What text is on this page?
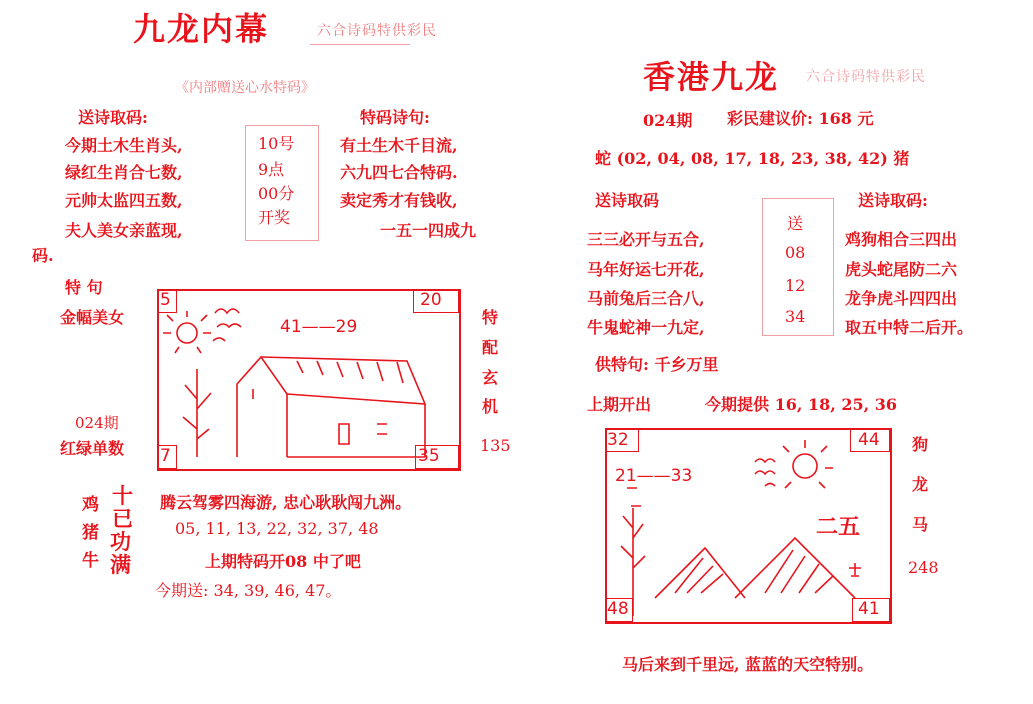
九龙内幕	六合诗码特供彩民
《内部赠送心水特码》
送诗取码:
今期土木生肖头,
绿红生肖合七数,
元帅太监四五数,
夫人美女亲蓝现,
10号
9点
00分
开奖
特码诗句:
有土生木千目流,
六九四七合特码.
卖定秀才有钱收,
一五一四成九
码.
特 句
金幅美女
5	20
7	35
41——29	特
配
玄
机
024期
红绿单数	135
鸡
猪
牛
十
已
功
满
腾云驾雾四海游, 忠心耿耿闯九洲。
05, 11, 13, 22, 32, 37, 48
上期特码开08 中了吧
今期送: 34, 39, 46, 47。
香港九龙 六合诗码特供彩民
024期 彩民建议价: 168 元
蛇 (02, 04, 08, 17, 18, 23, 38, 42) 猪
送诗取码
三三必开与五合,
马年好运七开花,
马前兔后三合八,
牛鬼蛇神一九定,
送
08
12
34
送诗取码:
鸡狗相合三四出
虎头蛇尾防二六
龙争虎斗四四出
取五中特二后开。
供特句: 千乡万里
上期开出	今期提供 16, 18, 25, 36
32	44
48	41
21——33
二五
狗
龙
马
248
马后来到千里远, 蓝蓝的天空特别。
